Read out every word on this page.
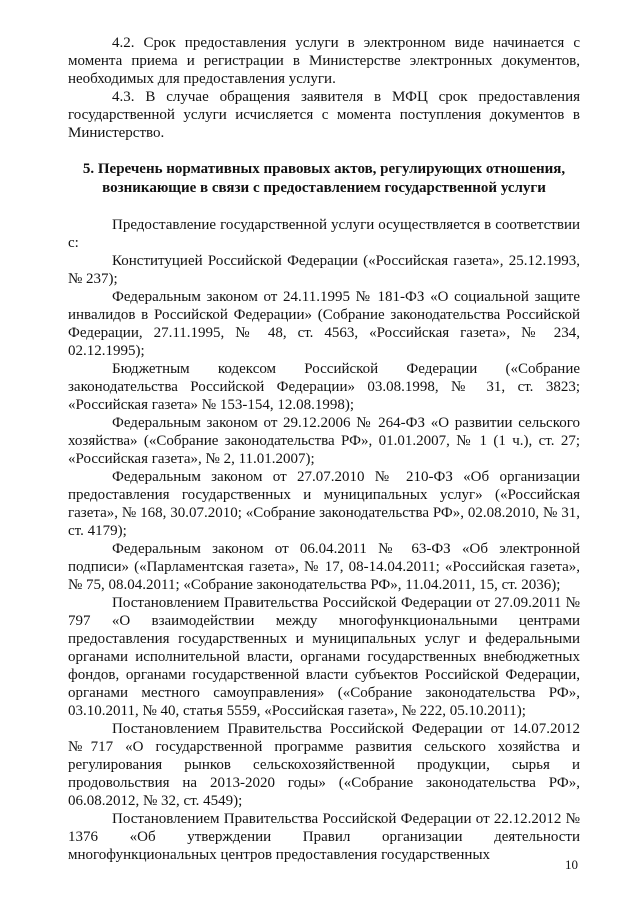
4.2. Срок предоставления услуги в электронном виде начинается с момента приема и регистрации в Министерстве электронных документов, необходимых для предоставления услуги.

4.3. В случае обращения заявителя в МФЦ срок предоставления государственной услуги исчисляется с момента поступления документов в Министерство.

5. Перечень нормативных правовых актов, регулирующих отношения, возникающие в связи с предоставлением государственной услуги

Предоставление государственной услуги осуществляется в соответствии с:

Конституцией Российской Федерации («Российская газета», 25.12.1993, № 237);

Федеральным законом от 24.11.1995 № 181-ФЗ «О социальной защите инвалидов в Российской Федерации» (Собрание законодательства Российской Федерации, 27.11.1995, № 48, ст. 4563, «Российская газета», № 234, 02.12.1995);

Бюджетным кодексом Российской Федерации («Собрание законодательства Российской Федерации» 03.08.1998, № 31, ст. 3823; «Российская газета» № 153-154, 12.08.1998);

Федеральным законом от 29.12.2006 № 264-ФЗ «О развитии сельского хозяйства» («Собрание законодательства РФ», 01.01.2007, № 1 (1 ч.), ст. 27; «Российская газета», № 2, 11.01.2007);

Федеральным законом от 27.07.2010 № 210-ФЗ «Об организации предоставления государственных и муниципальных услуг» («Российская газета», № 168, 30.07.2010; «Собрание законодательства РФ», 02.08.2010, № 31, ст. 4179);

Федеральным законом от 06.04.2011 № 63-ФЗ «Об электронной подписи» («Парламентская газета», № 17, 08-14.04.2011; «Российская газета», № 75, 08.04.2011; «Собрание законодательства РФ», 11.04.2011, 15, ст. 2036);

Постановлением Правительства Российской Федерации от 27.09.2011 № 797 «О взаимодействии между многофункциональными центрами предоставления государственных и муниципальных услуг и федеральными органами исполнительной власти, органами государственных внебюджетных фондов, органами государственной власти субъектов Российской Федерации, органами местного самоуправления» («Собрание законодательства РФ», 03.10.2011, № 40, статья 5559, «Российская газета», № 222, 05.10.2011);

Постановлением Правительства Российской Федерации от 14.07.2012 №717 «О государственной программе развития сельского хозяйства и регулирования рынков сельскохозяйственной продукции, сырья и продовольствия на 2013-2020 годы» («Собрание законодательства РФ», 06.08.2012, № 32, ст. 4549);

Постановлением Правительства Российской Федерации от 22.12.2012 № 1376 «Об утверждении Правил организации деятельности многофункциональных центров предоставления государственных

10
